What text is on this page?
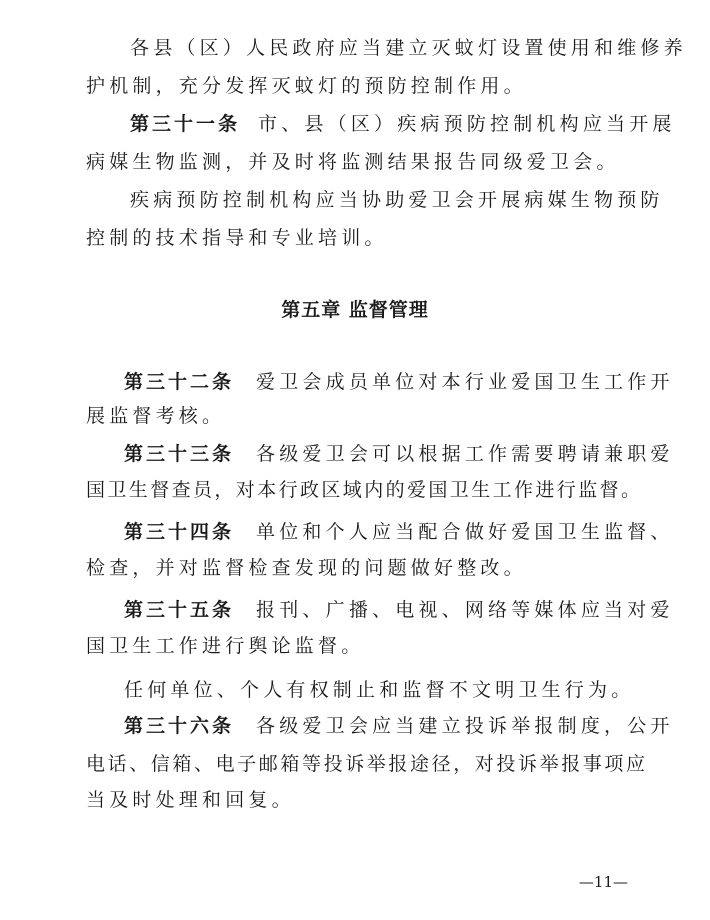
各县（区）人民政府应当建立灭蚊灯设置使用和维修养
护机制，充分发挥灭蚊灯的预防控制作用。
第三十一条 市、县（区）疾病预防控制机构应当开展
病媒生物监测，并及时将监测结果报告同级爱卫会。
疾病预防控制机构应当协助爱卫会开展病媒生物预防
控制的技术指导和专业培训。
第五章 监督管理
第三十二条 爱卫会成员单位对本行业爱国卫生工作开
展监督考核。
第三十三条 各级爱卫会可以根据工作需要聘请兼职爱
国卫生督查员，对本行政区域内的爱国卫生工作进行监督。
第三十四条 单位和个人应当配合做好爱国卫生监督、
检查，并对监督检查发现的问题做好整改。
第三十五条 报刊、广播、电视、网络等媒体应当对爱
国卫生工作进行舆论监督。
任何单位、个人有权制止和监督不文明卫生行为。
第三十六条 各级爱卫会应当建立投诉举报制度，公开
电话、信箱、电子邮箱等投诉举报途径，对投诉举报事项应
当及时处理和回复。
—11—
